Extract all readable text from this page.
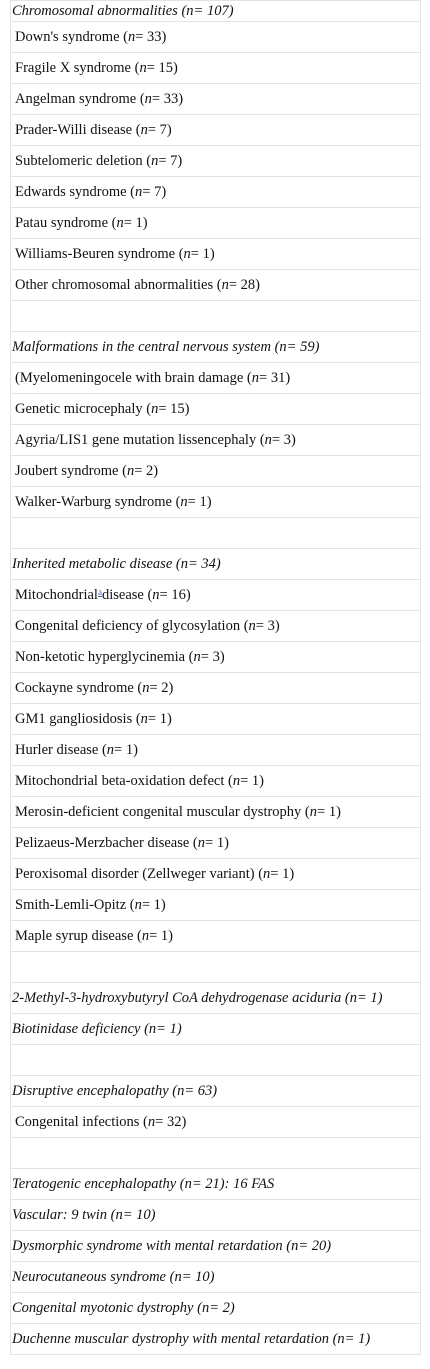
Chromosomal abnormalities ( n = 107)
Down's syndrome ( n = 33)
Fragile X syndrome ( n = 15)
Angelman syndrome ( n = 33)
Prader-Willi disease ( n = 7)
Subtelomeric deletion ( n = 7)
Edwards syndrome ( n = 7)
Patau syndrome ( n = 1)
Williams-Beuren syndrome ( n = 1)
Other chromosomal abnormalities ( n = 28)
Malformations in the central nervous system ( n = 59)
(Myelomeningocele with brain damage ( n = 31)
Genetic microcephaly ( n = 15)
Agyria/LIS1 gene mutation lissencephaly ( n = 3)
Joubert syndrome ( n = 2)
Walker-Warburg syndrome ( n = 1)
Inherited metabolic disease ( n = 34)
Mitochondrial $^a$ disease ( n = 16)
Congenital deficiency of glycosylation ( n = 3)
Non-ketotic hyperglycinemia ( n = 3)
Cockayne syndrome ( n = 2)
GM1 gangliosidosis ( n = 1)
Hurler disease ( n = 1)
Mitochondrial beta-oxidation defect ( n = 1)
Merosin-deficient congenital muscular dystrophy ( n = 1)
Pelizaeus-Merzbacher disease ( n = 1)
Peroxisomal disorder (Zellweger variant) ( n = 1)
Smith-Lemli-Opitz ( n = 1)
Maple syrup disease ( n = 1)
2-Methyl-3-hydroxybutyryl CoA dehydrogenase aciduria ( n = 1)
Biotinidase deficiency ( n = 1)
Disruptive encephalopathy ( n = 63)
Congenital infections ( n = 32)
Teratogenic encephalopathy ( n = 21): 16 FAS
Vascular: 9 twin ( n = 10)
Dysmorphic syndrome with mental retardation ( n = 20)
Neurocutaneous syndrome ( n = 10)
Congenital myotonic dystrophy ( n = 2)
Duchenne muscular dystrophy with mental retardation ( n = 1)
